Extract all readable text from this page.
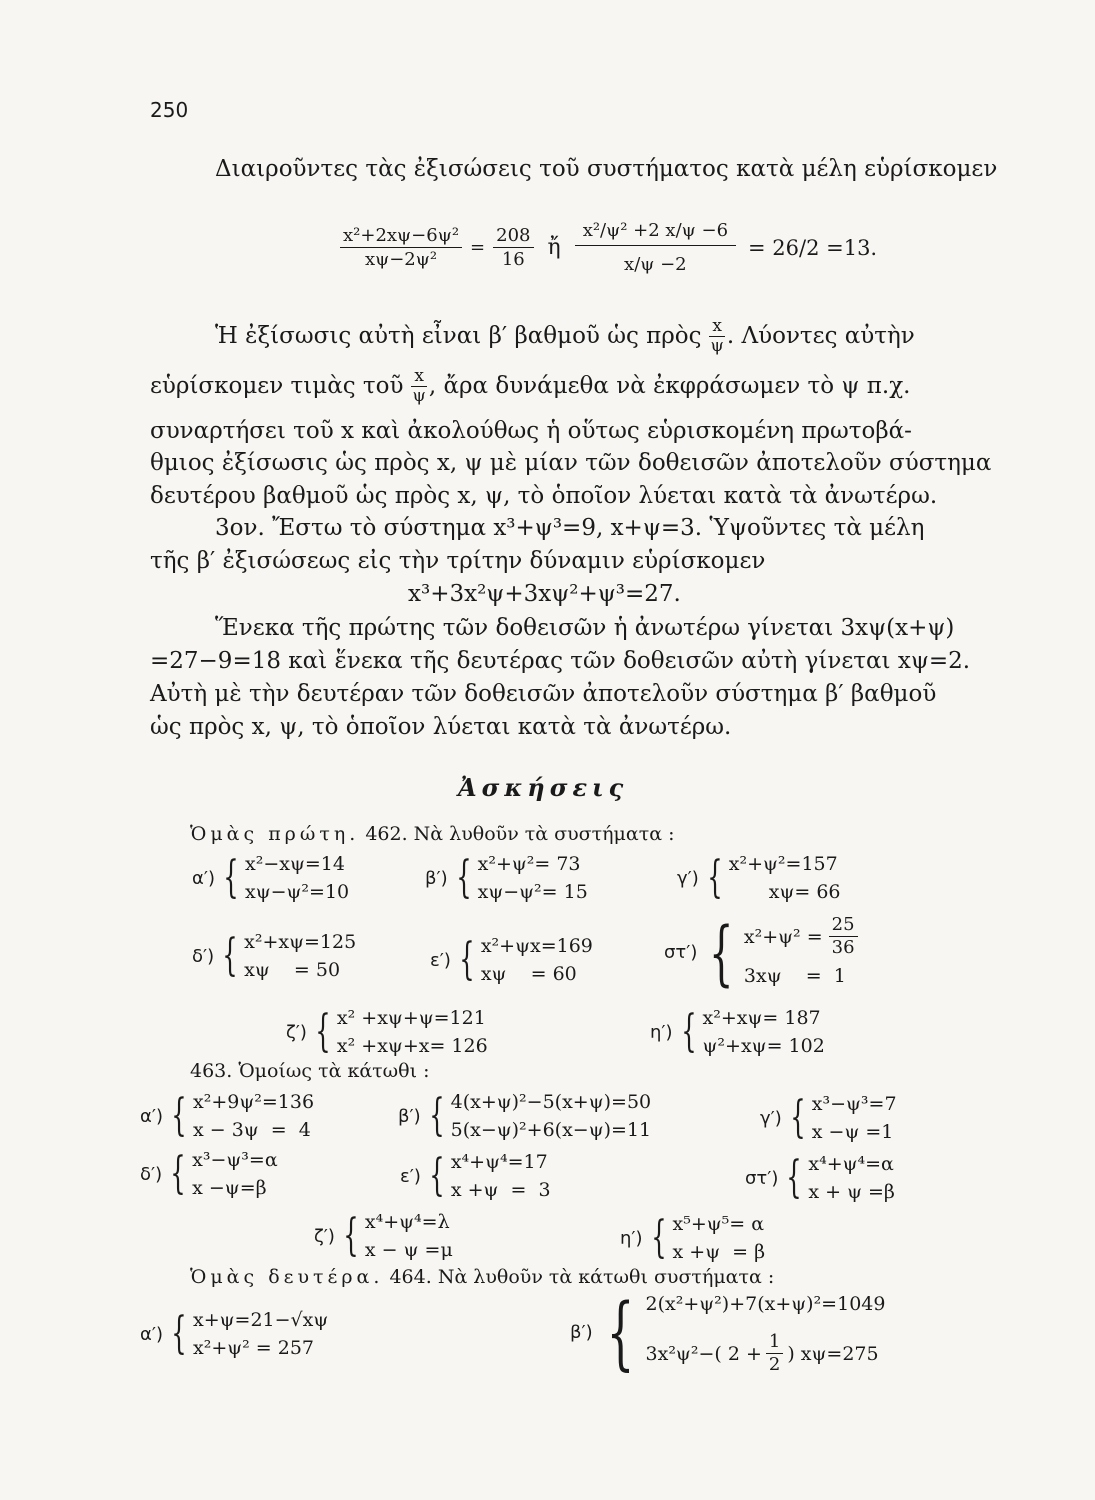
250
Διαιροῦντες τὰς ἐξισώσεις τοῦ συστήματος κατὰ μέλη εὑρίσκομεν
$\frac{\text{x²+2xψ−6ψ²}}{\text{xψ−2ψ²}} = \frac{208}{16}$ ἤ $\frac{\text{x²/ψ² +2 x/ψ −6}}{x/\psi -2} = 26/2 =13$.
Ἡ ἐξίσωσις αὐτὴ εἶναι β′ βαθμοῦ ὡς πρὸς $\frac{x}{\psi}$ . Λύοντες αὐτὴν
εὑρίσκομεν τιμὰς τοῦ $\frac{x}{\psi}$ , ἄρα δυνάμεθα νὰ ἐκφράσωμεν τὸ ψ π.χ.
συναρτήσει τοῦ x καὶ ἀκολούθως ἡ οὕτως εὑρισκομένη πρωτοβά-
θμιος ἐξίσωσις ὡς πρὸς x, ψ μὲ μίαν τῶν δοθεισῶν ἀποτελοῦν σύστημα
δευτέρου βαθμοῦ ὡς πρὸς x, ψ, τὸ ὁποῖον λύεται κατὰ τὰ ἀνωτέρω.
3ον. Ἔστω τὸ σύστημα x³+ψ³=9, x+ψ=3. Ὑψοῦντες τὰ μέλη
τῆς β′ ἐξισώσεως εἰς τὴν τρίτην δύναμιν εὑρίσκομεν
x³+3x²ψ+3xψ²+ψ³=27.
Ἕνεκα τῆς πρώτης τῶν δοθεισῶν ἡ ἀνωτέρω γίνεται 3xψ(x+ψ)
=27−9=18 καὶ ἕνεκα τῆς δευτέρας τῶν δοθεισῶν αὐτὴ γίνεται xψ=2.
Αὐτὴ μὲ τὴν δευτέραν τῶν δοθεισῶν ἀποτελοῦν σύστημα β′ βαθμοῦ
ὡς πρὸς x, ψ, τὸ ὁποῖον λύεται κατὰ τὰ ἀνωτέρω.
Ἀσκήσεις
Ὁμὰς πρώτη. 462. Νὰ λυθοῦν τὰ συστήματα :
α′) { x²−xψ=14
xψ−ψ²=10
β′) { x²+ψ²= 73
xψ−ψ²= 15
γ′) { x²+ψ²=157
xψ= 66
δ′) { x²+xψ=125
xψ    = 50	ε′) { x²+ψx=169
xψ    = 60
στ′) { $x^2+\psi^2 = \frac{25}{36}$
3xψ    =  1
ζ′) { x² +xψ+ψ=121
x² +xψ+x= 126
η′) { x²+xψ= 187
ψ²+xψ= 102
463. Ὁμοίως τὰ κάτωθι :
α′) { x²+9ψ²=136
x − 3ψ  =  4
β′) { 4(x+ψ)²−5(x+ψ)=50
5(x−ψ)²+6(x−ψ)=11
γ′) { x³−ψ³=7
x −ψ =1
δ′) { x³−ψ³=α
x −ψ=β
ε′) { x⁴+ψ⁴=17
x +ψ  =  3
στ′) { x⁴+ψ⁴=α
x + ψ =β
ζ′) { x⁴+ψ⁴=λ
x − ψ =μ
η′) { x⁵+ψ⁵= α
x +ψ  = β
Ὁμὰς δευτέρα. 464. Νὰ λυθοῦν τὰ κάτωθι συστήματα :
α′) { x+ψ=21−√xψ
x²+ψ² = 257
β′) { 2(x²+ψ²)+7(x+ψ)²=1049
3x²ψ²−( $2 + \frac{1}{2}$ ) xψ=275
